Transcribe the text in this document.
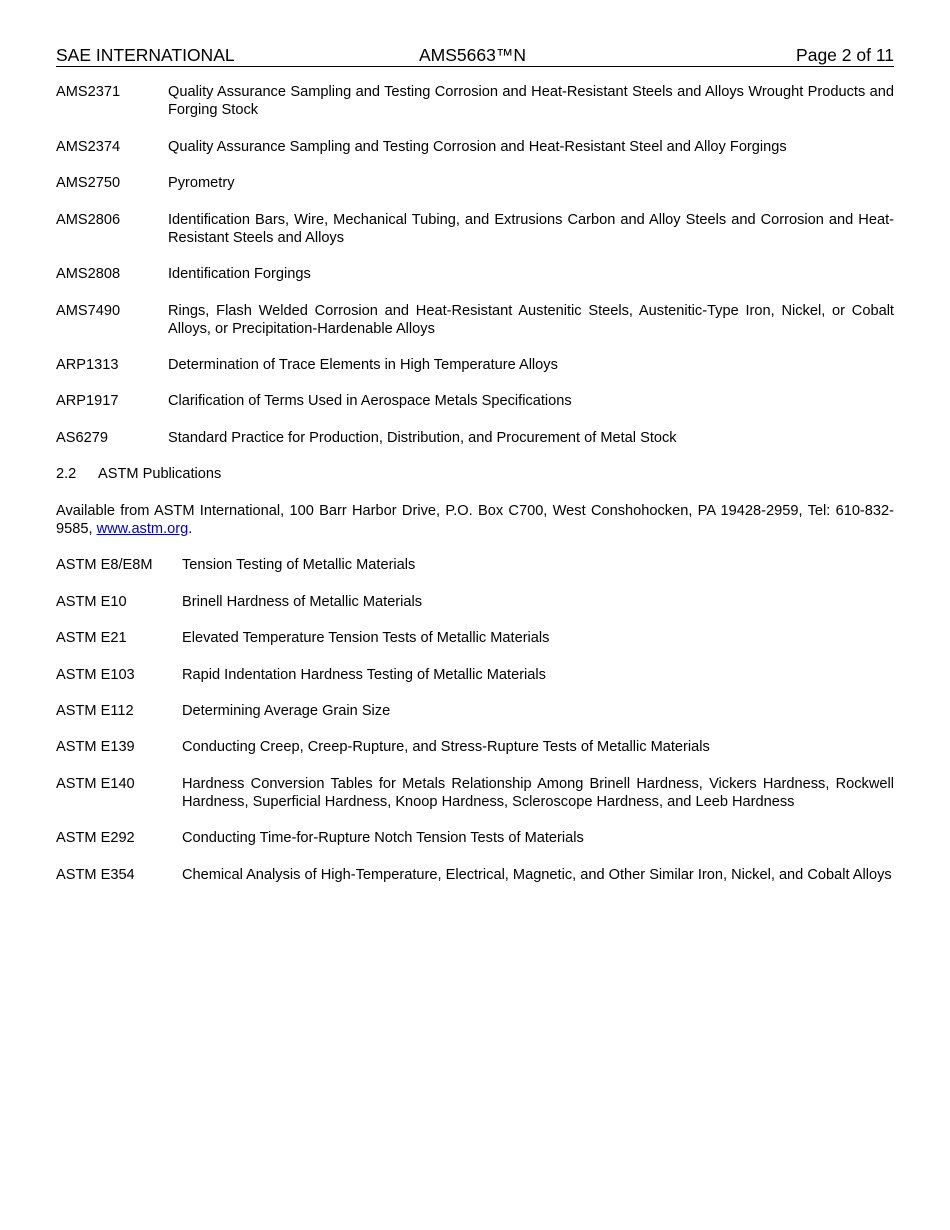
SAE INTERNATIONAL	AMS5663™N	Page 2 of 11
AMS2371	Quality Assurance Sampling and Testing Corrosion and Heat-Resistant Steels and Alloys Wrought Products and Forging Stock
AMS2374	Quality Assurance Sampling and Testing Corrosion and Heat-Resistant Steel and Alloy Forgings
AMS2750	Pyrometry
AMS2806	Identification Bars, Wire, Mechanical Tubing, and Extrusions Carbon and Alloy Steels and Corrosion and Heat-Resistant Steels and Alloys
AMS2808	Identification Forgings
AMS7490	Rings, Flash Welded Corrosion and Heat-Resistant Austenitic Steels, Austenitic-Type Iron, Nickel, or Cobalt Alloys, or Precipitation-Hardenable Alloys
ARP1313	Determination of Trace Elements in High Temperature Alloys
ARP1917	Clarification of Terms Used in Aerospace Metals Specifications
AS6279	Standard Practice for Production, Distribution, and Procurement of Metal Stock
2.2 ASTM Publications
Available from ASTM International, 100 Barr Harbor Drive, P.O. Box C700, West Conshohocken, PA 19428-2959, Tel: 610-832-9585, www.astm.org.
ASTM E8/E8M Tension Testing of Metallic Materials
ASTM E10	Brinell Hardness of Metallic Materials
ASTM E21	Elevated Temperature Tension Tests of Metallic Materials
ASTM E103	Rapid Indentation Hardness Testing of Metallic Materials
ASTM E112	Determining Average Grain Size
ASTM E139	Conducting Creep, Creep-Rupture, and Stress-Rupture Tests of Metallic Materials
ASTM E140	Hardness Conversion Tables for Metals Relationship Among Brinell Hardness, Vickers Hardness, Rockwell Hardness, Superficial Hardness, Knoop Hardness, Scleroscope Hardness, and Leeb Hardness
ASTM E292	Conducting Time-for-Rupture Notch Tension Tests of Materials
ASTM E354	Chemical Analysis of High-Temperature, Electrical, Magnetic, and Other Similar Iron, Nickel, and Cobalt Alloys
